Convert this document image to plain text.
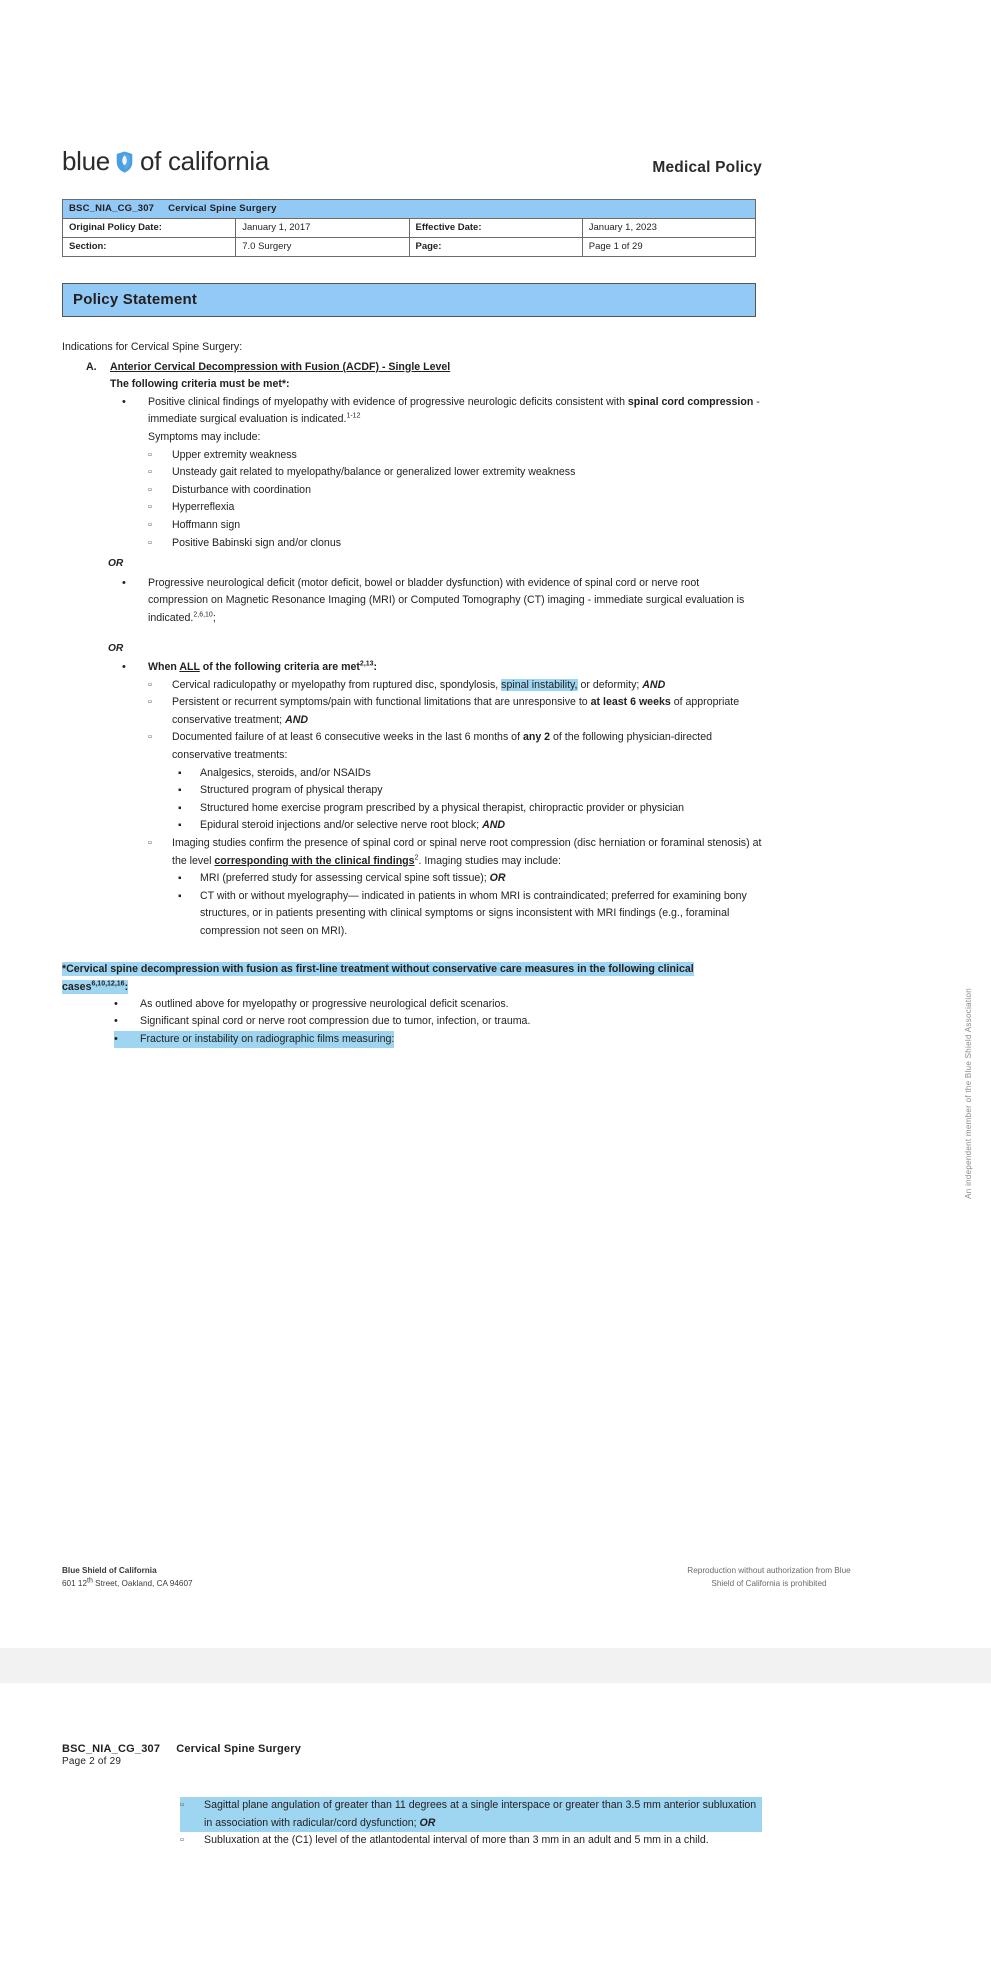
blue of california	Medical Policy
BSC_NIA_CG_307 Cervical Spine Surgery			
Original Policy Date:	January 1, 2017	Effective Date:	January 1, 2023
Section:	7.0 Surgery	Page:	Page 1 of 29
Policy Statement

Indications for Cervical Spine Surgery:

A.	Anterior Cervical Decompression with Fusion (ACDF) - Single Level
The following criteria must be met*:
•
Positive clinical findings of myelopathy with evidence of progressive neurologic deficits consistent with spinal cord compression - immediate surgical evaluation is indicated.$^{1-12}$
Symptoms may include:
▫
Upper extremity weakness
▫
Unsteady gait related to myelopathy/balance or generalized lower extremity weakness
▫
Disturbance with coordination
▫
Hyperreflexia
▫
Hoffmann sign
▫
Positive Babinski sign and/or clonus
OR
•
Progressive neurological deficit (motor deficit, bowel or bladder dysfunction) with evidence of spinal cord or nerve root compression on Magnetic Resonance Imaging (MRI) or Computed Tomography (CT) imaging - immediate surgical evaluation is indicated.$^{2,6,10}$;
OR
•
When ALL of the following criteria are met$^{2,13}$:
▫
Cervical radiculopathy or myelopathy from ruptured disc, spondylosis, spinal instability, or deformity; AND
▫
Persistent or recurrent symptoms/pain with functional limitations that are unresponsive to at least 6 weeks of appropriate conservative treatment; AND
▫
Documented failure of at least 6 consecutive weeks in the last 6 months of any 2 of the following physician-directed conservative treatments:
▪
Analgesics, steroids, and/or NSAIDs
▪
Structured program of physical therapy
▪
Structured home exercise program prescribed by a physical therapist, chiropractic provider or physician
▪
Epidural steroid injections and/or selective nerve root block; AND
▫
Imaging studies confirm the presence of spinal cord or spinal nerve root compression (disc herniation or foraminal stenosis) at the level corresponding with the clinical findings$^2$. Imaging studies may include:
▪
MRI (preferred study for assessing cervical spine soft tissue); OR
▪
CT with or without myelography— indicated in patients in whom MRI is contraindicated; preferred for examining bony structures, or in patients presenting with clinical symptoms or signs inconsistent with MRI findings (e.g., foraminal compression not seen on MRI).
*Cervical spine decompression with fusion as first-line treatment without conservative care measures in the following clinical cases$^{6,10,12,16}$:
•
As outlined above for myelopathy or progressive neurological deficit scenarios.
•
Significant spinal cord or nerve root compression due to tumor, infection, or trauma.
•
Fracture or instability on radiographic films measuring:
Blue Shield of California
601 12th Street, Oakland, CA 94607
Reproduction without authorization from Blue
Shield of California is prohibited
An independent member of the Blue Shield Association
BSC_NIA_CG_307 Cervical Spine Surgery
Page 2 of 29
▫
Sagittal plane angulation of greater than 11 degrees at a single interspace or greater than 3.5 mm anterior subluxation in association with radicular/cord dysfunction; OR
▫
Subluxation at the (C1) level of the atlantodental interval of more than 3 mm in an adult and 5 mm in a child.
